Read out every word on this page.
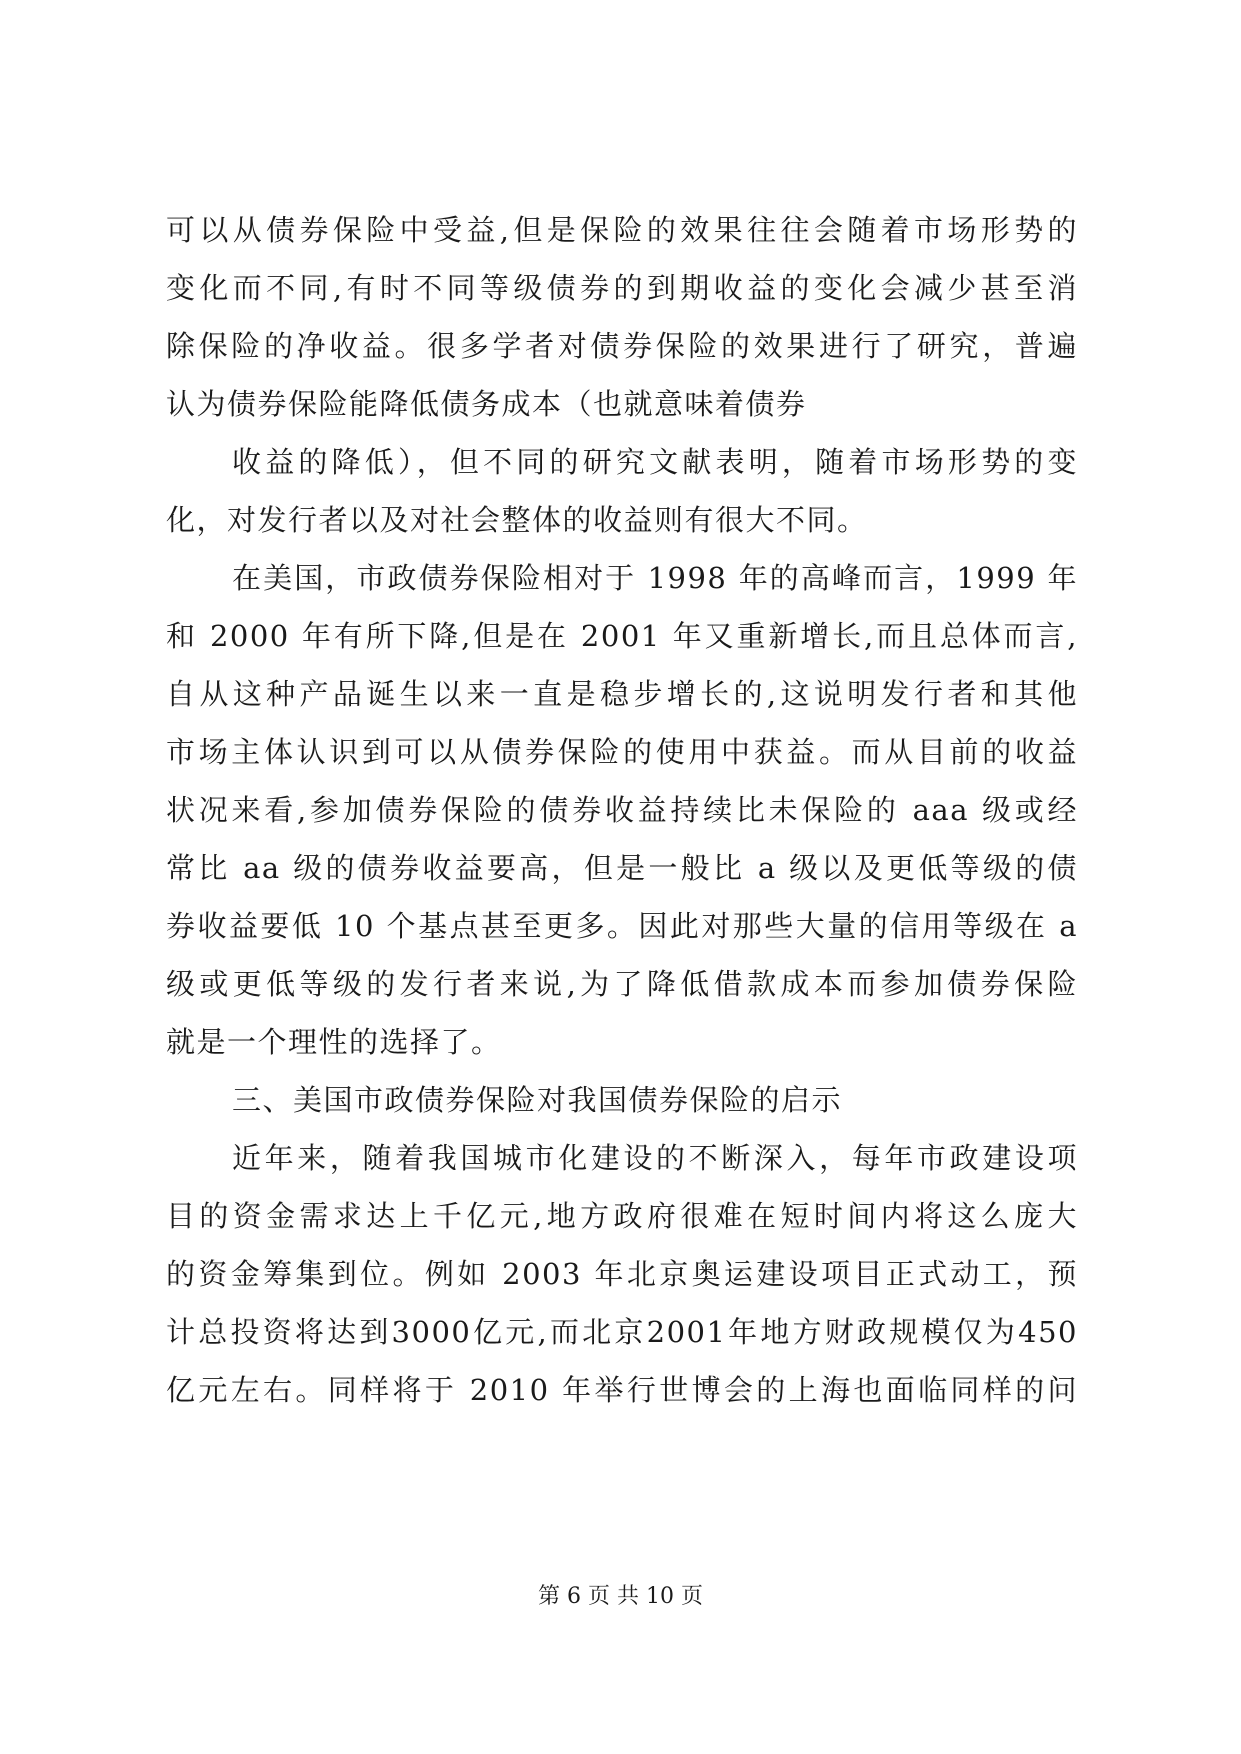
可以从债券保险中受益,但是保险的效果往往会随着市场形势的
变化而不同,有时不同等级债券的到期收益的变化会减少甚至消
除保险的净收益。很多学者对债券保险的效果进行了研究，普遍
认为债券保险能降低债务成本（也就意味着债券
收益的降低），但不同的研究文献表明，随着市场形势的变
化，对发行者以及对社会整体的收益则有很大不同。
在美国，市政债券保险相对于 1998 年的高峰而言，1999 年
和 2000 年有所下降,但是在 2001 年又重新增长,而且总体而言,
自从这种产品诞生以来一直是稳步增长的,这说明发行者和其他
市场主体认识到可以从债券保险的使用中获益。而从目前的收益
状况来看,参加债券保险的债券收益持续比未保险的 aaa 级或经
常比 aa 级的债券收益要高，但是一般比 a 级以及更低等级的债
券收益要低 10 个基点甚至更多。因此对那些大量的信用等级在 a
级或更低等级的发行者来说,为了降低借款成本而参加债券保险
就是一个理性的选择了。
三、美国市政债券保险对我国债券保险的启示
近年来，随着我国城市化建设的不断深入，每年市政建设项
目的资金需求达上千亿元,地方政府很难在短时间内将这么庞大
的资金筹集到位。例如 2003 年北京奥运建设项目正式动工，预
计总投资将达到3000亿元,而北京2001年地方财政规模仅为450
亿元左右。同样将于 2010 年举行世博会的上海也面临同样的问
第 6 页 共 10 页
